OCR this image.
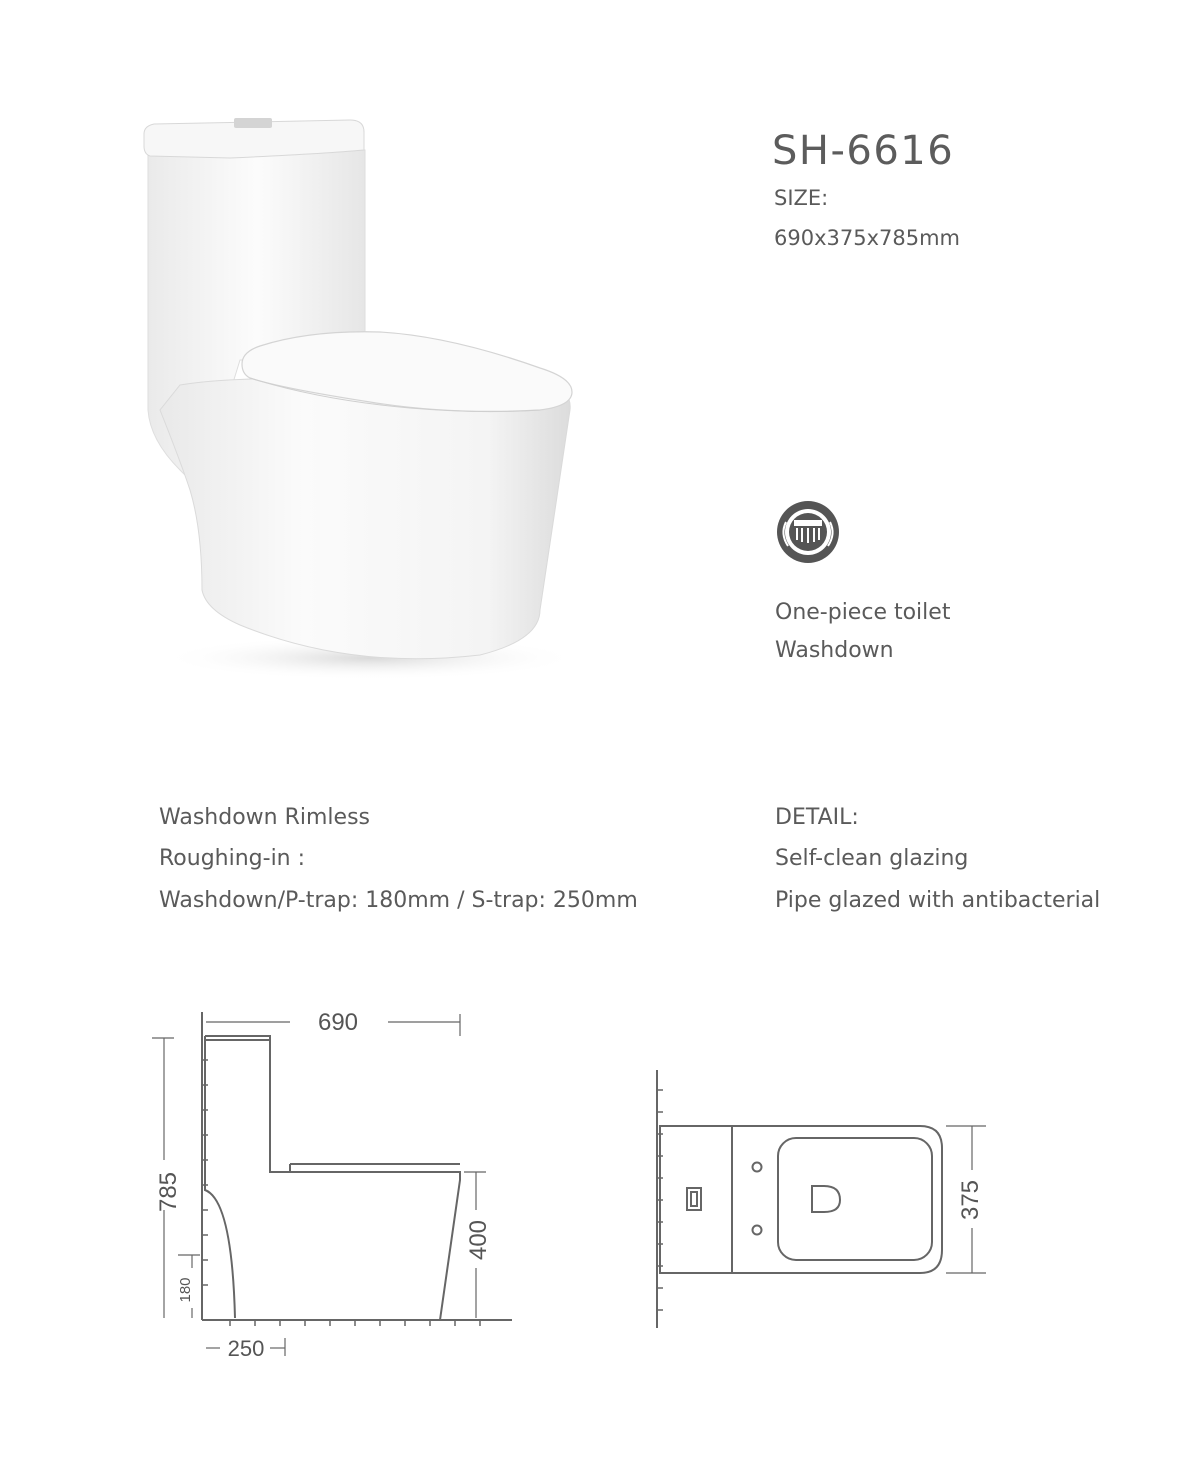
SH-6616
SIZE:
690x375x785mm
One-piece toilet
Washdown
Washdown Rimless
Roughing-in :
Washdown/P-trap: 180mm / S-trap: 250mm
DETAIL:
Self-clean glazing
Pipe glazed with antibacterial
690
785
400
180
250
375
